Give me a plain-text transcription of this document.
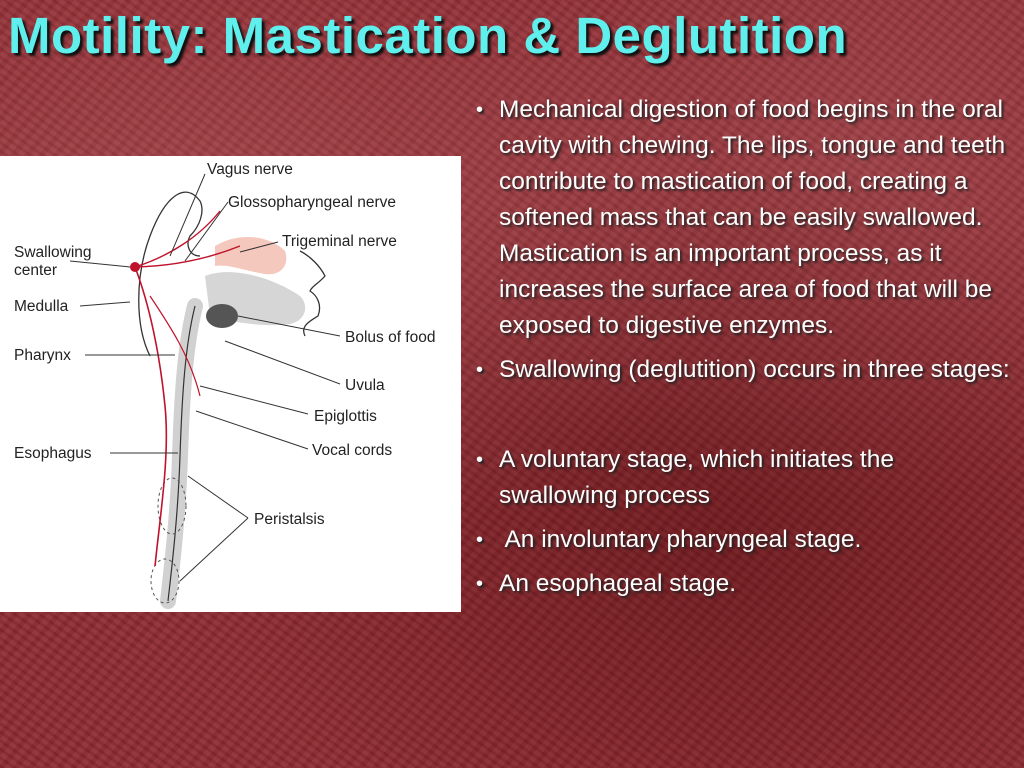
Motility: Mastication & Deglutition
Vagus nerve
Glossopharyngeal nerve
Trigeminal nerve
Swallowing
center
Medulla
Pharynx
Bolus of food
Uvula
Epiglottis
Vocal cords
Esophagus
Peristalsis
• Mechanical digestion of food begins in the oral cavity with chewing. The lips, tongue and teeth contribute to mastication of food, creating a softened mass that can be easily swallowed. Mastication is an important process, as it increases the surface area of food that will be exposed to digestive enzymes.
• Swallowing (deglutition) occurs in three stages:
• A voluntary stage, which initiates the swallowing process
• An involuntary pharyngeal stage.
• An esophageal stage.
